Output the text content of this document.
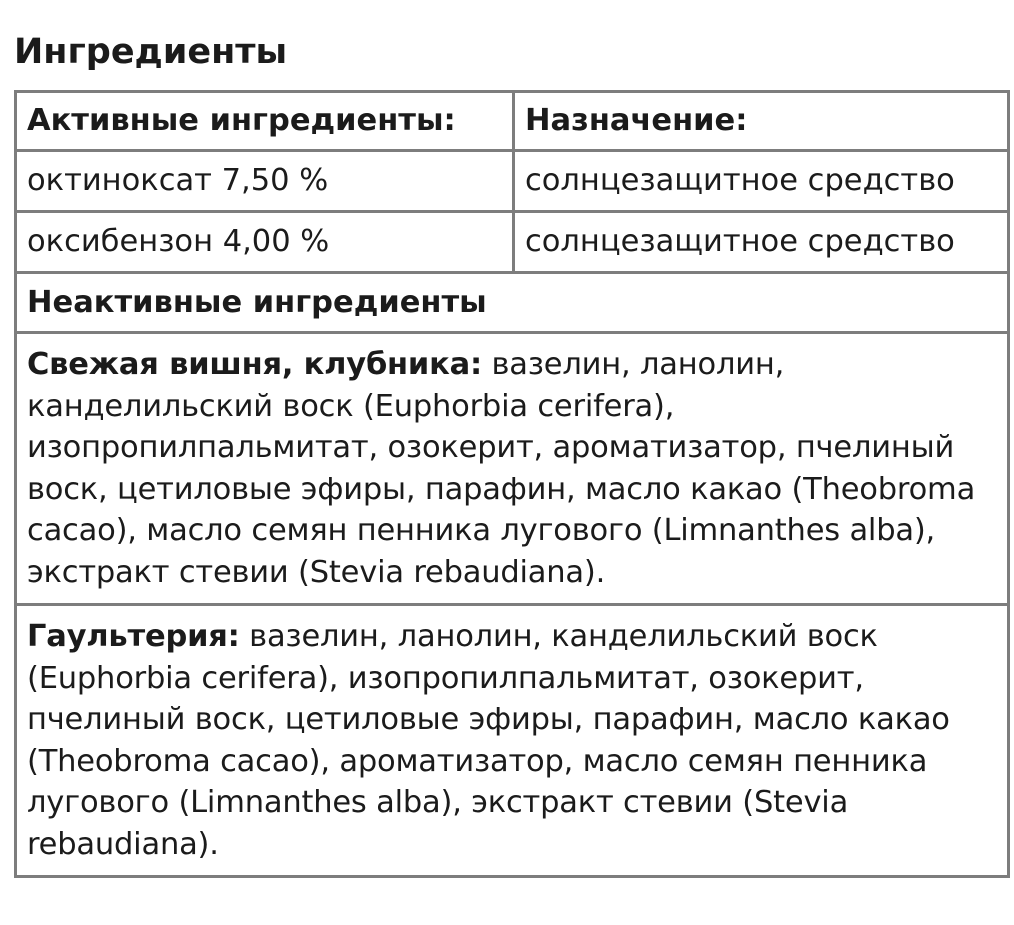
Ингредиенты
Активные ингредиенты:	Назначение:
октиноксат 7,50 %	солнцезащитное средство
оксибензон 4,00 %	солнцезащитное средство
Неактивные ингредиенты	
Свежая вишня, клубника: вазелин, ланолин, канделильский воск (Euphorbia cerifera), изопропилпальмитат, озокерит, ароматизатор, пчелиный воск, цетиловые эфиры, парафин, масло какао (Theobroma cacao), масло семян пенника лугового (Limnanthes alba), экстракт стевии (Stevia rebaudiana).	
Гаультерия: вазелин, ланолин, канделильский воск (Euphorbia cerifera), изопропилпальмитат, озокерит, пчелиный воск, цетиловые эфиры, парафин, масло какао (Theobroma cacao), ароматизатор, масло семян пенника лугового (Limnanthes alba), экстракт стевии (Stevia rebaudiana).	
